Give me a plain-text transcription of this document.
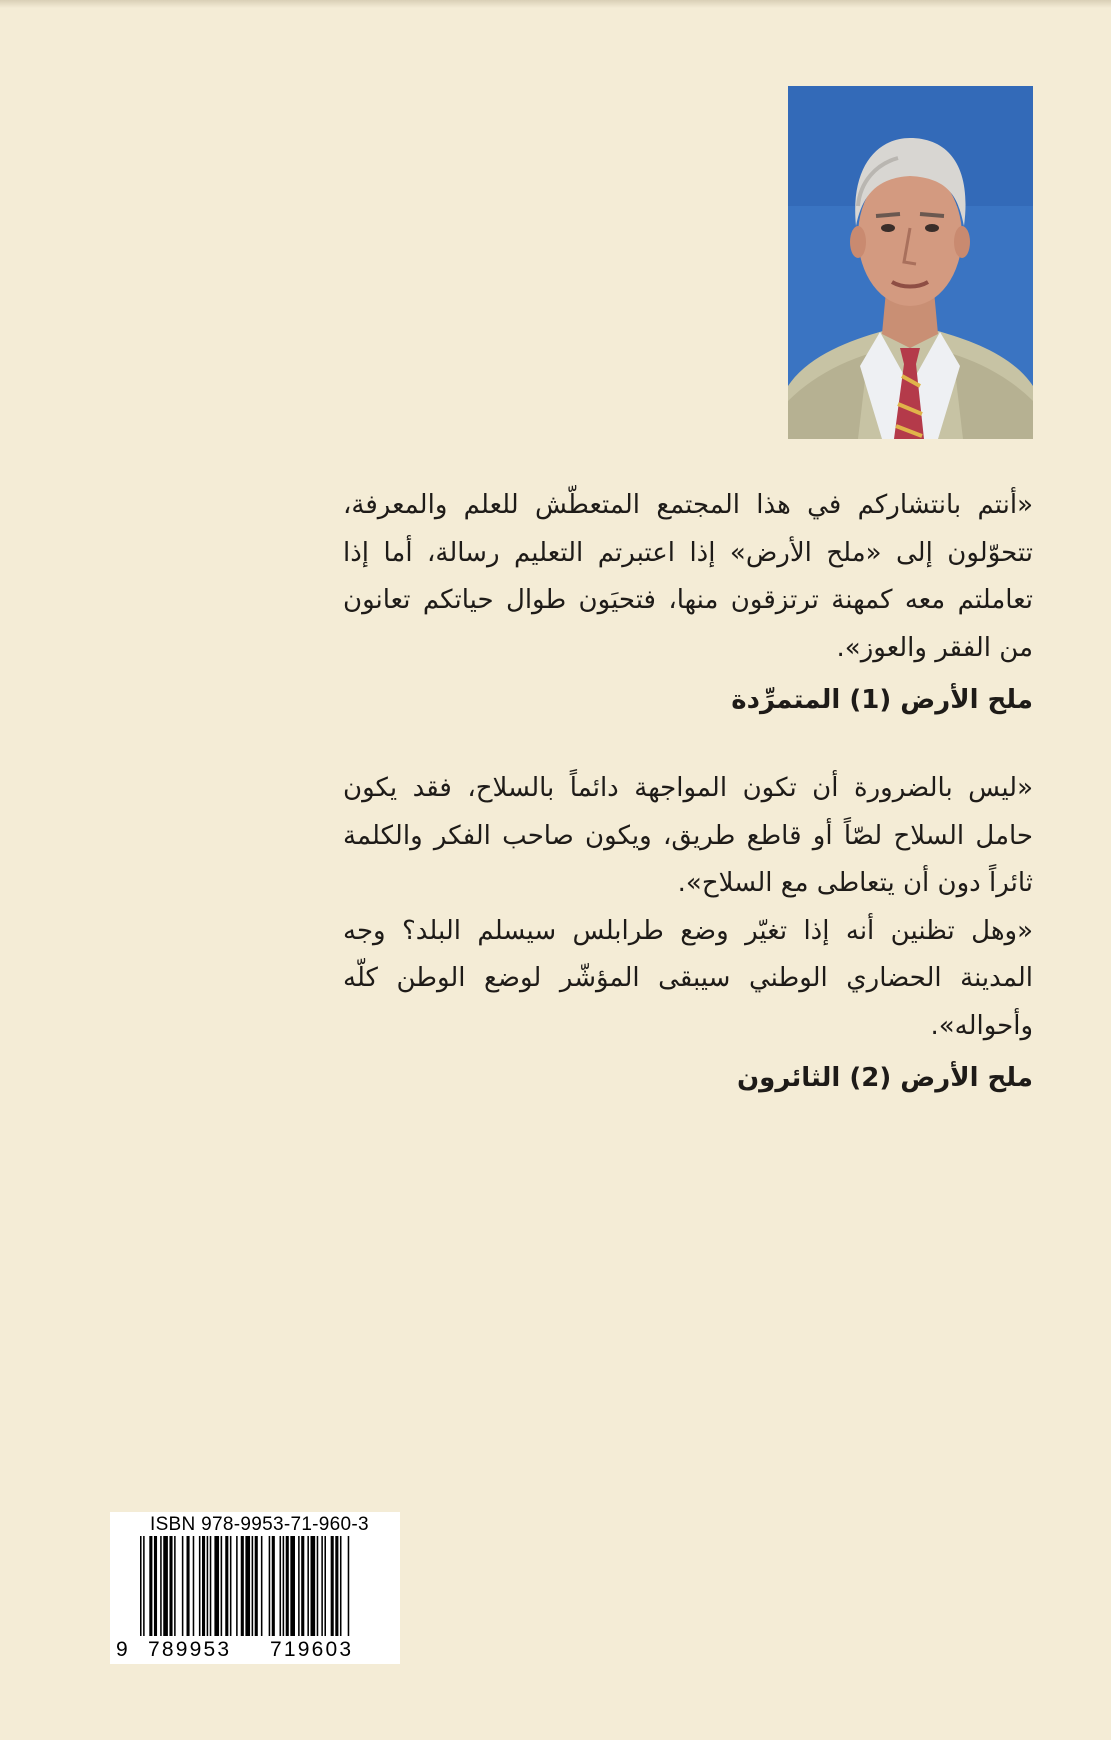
«أنتم بانتشاركم في هذا المجتمع المتعطّش للعلم والمعرفة، تتحوّلون إلى «ملح الأرض» إذا اعتبرتم التعليم رسالة، أما إذا تعاملتم معه كمهنة ترتزقون منها، فتحيَون طوال حياتكم تعانون من الفقر والعوز».

ملح الأرض (1) المتمرِّدة

«ليس بالضرورة أن تكون المواجهة دائماً بالسلاح، فقد يكون حامل السلاح لصّاً أو قاطع طريق، ويكون صاحب الفكر والكلمة ثائراً دون أن يتعاطى مع السلاح».

«وهل تظنين أنه إذا تغيّر وضع طرابلس سيسلم البلد؟ وجه المدينة الحضاري الوطني سيبقى المؤشّر لوضع الوطن كلّه وأحواله».

ملح الأرض (2) الثائرون

ISBN 978-9953-71-960-3
9 789953 719603
